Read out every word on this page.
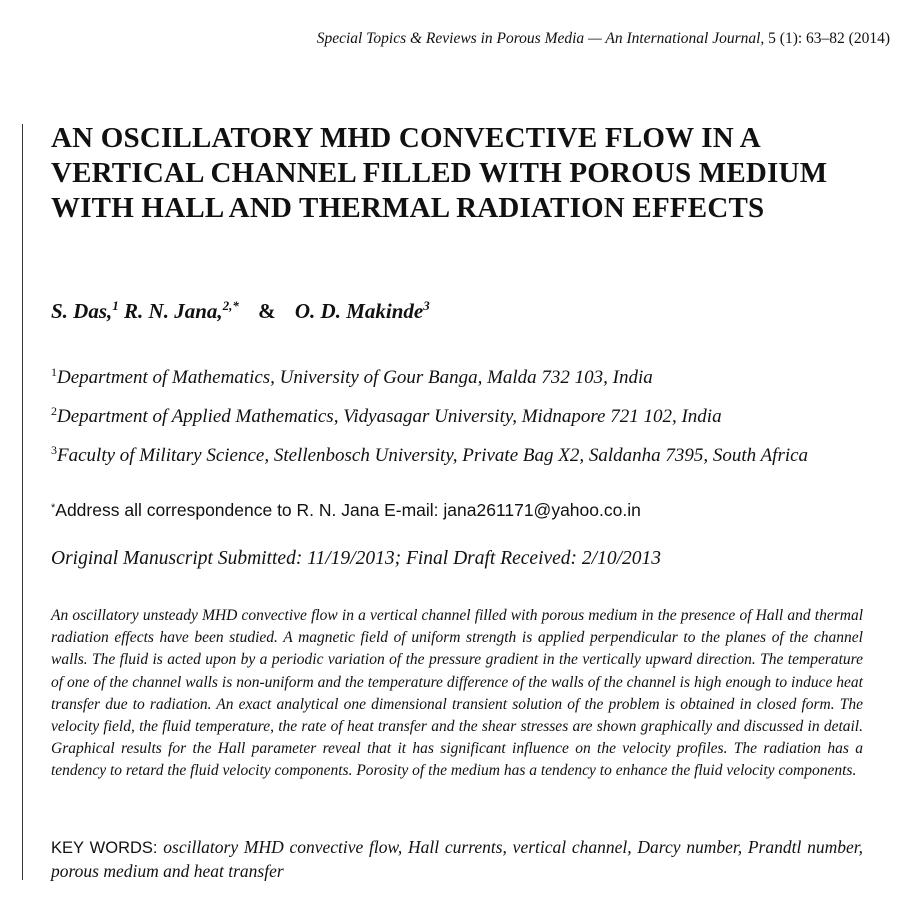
Special Topics & Reviews in Porous Media — An International Journal, 5 (1): 63–82 (2014)
AN OSCILLATORY MHD CONVECTIVE FLOW IN A VERTICAL CHANNEL FILLED WITH POROUS MEDIUM WITH HALL AND THERMAL RADIATION EFFECTS
S. Das,$^1$ R. N. Jana,$^{2,*}$ & O. D. Makinde$^3$

$^1$Department of Mathematics, University of Gour Banga, Malda 732 103, India

$^2$Department of Applied Mathematics, Vidyasagar University, Midnapore 721 102, India

$^3$Faculty of Military Science, Stellenbosch University, Private Bag X2, Saldanha 7395, South Africa

*Address all correspondence to R. N. Jana E-mail: jana261171@yahoo.co.in
Original Manuscript Submitted: 11/19/2013; Final Draft Received: 2/10/2013

An oscillatory unsteady MHD convective flow in a vertical channel filled with porous medium in the presence of Hall and thermal radiation effects have been studied. A magnetic field of uniform strength is applied perpendicular to the planes of the channel walls. The fluid is acted upon by a periodic variation of the pressure gradient in the vertically upward direction. The temperature of one of the channel walls is non-uniform and the temperature difference of the walls of the channel is high enough to induce heat transfer due to radiation. An exact analytical one dimensional transient solution of the problem is obtained in closed form. The velocity field, the fluid temperature, the rate of heat transfer and the shear stresses are shown graphically and discussed in detail. Graphical results for the Hall parameter reveal that it has significant influence on the velocity profiles. The radiation has a tendency to retard the fluid velocity components. Porosity of the medium has a tendency to enhance the fluid velocity components.

KEY WORDS: oscillatory MHD convective flow, Hall currents, vertical channel, Darcy number, Prandtl number, porous medium and heat transfer
